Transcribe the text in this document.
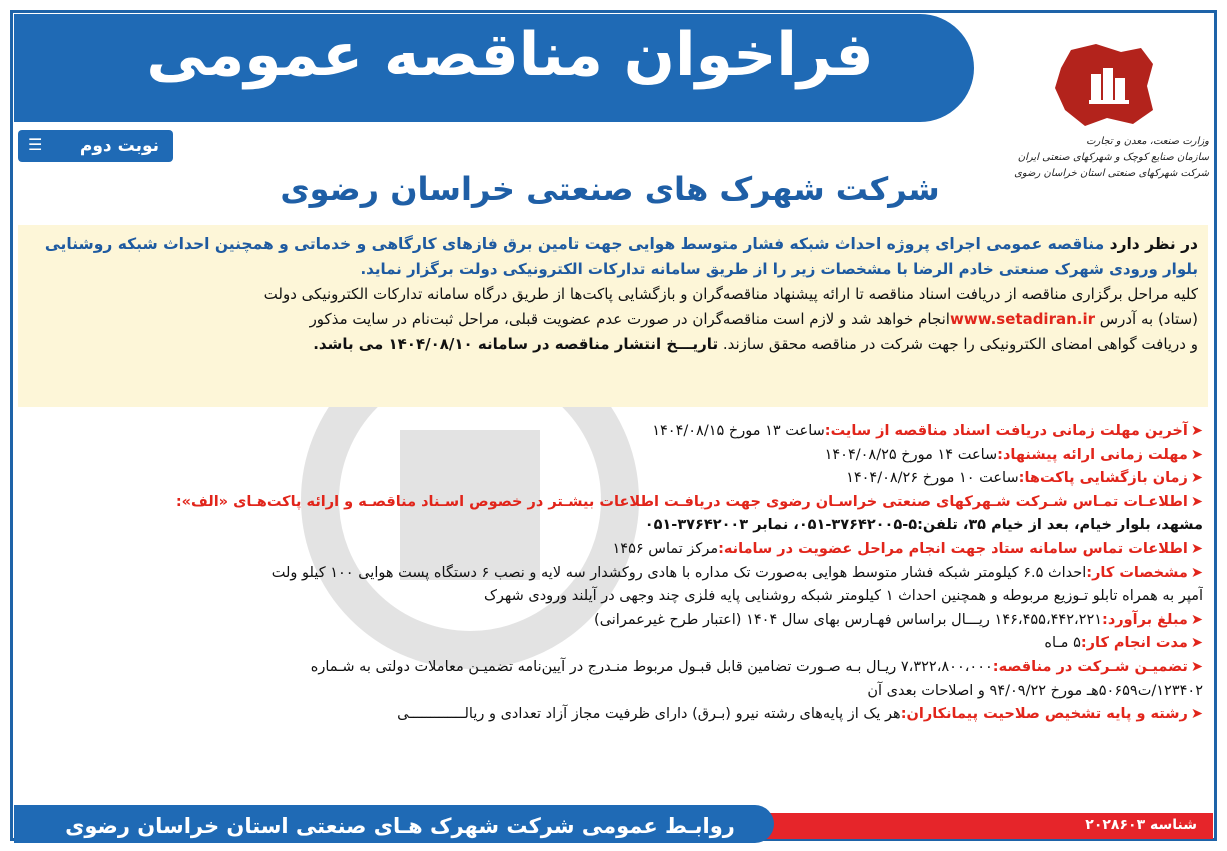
فراخوان مناقصه عمومی
وزارت صنعت، معدن و تجارت
سازمان صنایع کوچک و شهرکهای صنعتی ایران
شرکت شهرکهای صنعتی استان خراسان رضوی
نوبت دوم
☰
شرکت شهرک های صنعتی خراسان رضوی

در نظر دارد مناقصه عمومی اجرای پروژه احداث شبکه فشار متوسط هوایی جهت تامین برق فازهای کارگاهی و خدماتی و همچنین احداث شبکه روشنایی

بلوار ورودی شهرک صنعتی خادم الرضا با مشخصات زیر را از طریق سامانه تدارکات الکترونیکی دولت برگزار نماید.

کلیه مراحل برگزاری مناقصه از دریافت اسناد مناقصه تا ارائه پیشنهاد مناقصه‌گران و بازگشایی پاکت‌ها از طریق درگاه سامانه تدارکات الکترونیکی دولت

(ستاد) به آدرس www.setadiran.irانجام خواهد شد و لازم است مناقصه‌گران در صورت عدم عضویت قبلی، مراحل ثبت‌نام در سایت مذکور

و دریافت گواهی امضای الکترونیکی را جهت شرکت در مناقصه محقق سازند. تاریـــخ انتشار مناقصه در سامانه ۱۴۰۴/۰۸/۱۰ می باشد.

➤آخرین مهلت زمانی دریافت اسناد مناقصه از سایت:ساعت ۱۳ مورخ ۱۴۰۴/۰۸/۱۵

➤مهلت زمانی ارائه پیشنهاد:ساعت ۱۴ مورخ ۱۴۰۴/۰۸/۲۵

➤زمان بازگشایی پاکت‌ها:ساعت ۱۰ مورخ ۱۴۰۴/۰۸/۲۶

➤اطلاعـات تمـاس شـرکت شـهرکهای صنعتی خراسـان رضوی جهت دریافـت اطلاعات بیشـتر در خصوص اسـناد مناقصـه و ارائه پاکت‌هـای «الف»:

مشهد، بلوار خیام، بعد از خیام ۳۵، تلفن:۵-۳۷۶۴۲۰۰۵-۰۵۱، نمابر ۳۷۶۴۲۰۰۳-۰۵۱

➤اطلاعات تماس سامانه ستاد جهت انجام مراحل عضویت در سامانه:مرکز تماس ۱۴۵۶

➤مشخصات کار:احداث ۶.۵ کیلومتر شبکه فشار متوسط هوایی به‌صورت تک مداره با هادی روکشدار سه لایه و نصب ۶ دستگاه پست هوایی ۱۰۰ کیلو ولت

آمپر به همراه تابلو تـوزیع مربوطه و همچنین احداث ۱ کیلومتر شبکه روشنایی پایه فلزی چند وجهی در آیلند ورودی شهرک

➤مبلغ برآورد:۱۴۶،۴۵۵،۴۴۲،۲۲۱ ریـــال براساس فهـارس بهای سال ۱۴۰۴ (اعتبار طرح غیرعمرانی)

➤مدت انجام کار:۵ مـاه

➤تضمیـن شـرکت در مناقصه:۷،۳۲۲،۸۰۰،۰۰۰ ریـال بـه صـورت تضامین قابل قبـول مربوط منـدرج در آیین‌نامه تضمیـن معاملات دولتی به شـماره

۱۲۳۴۰۲/ت۵۰۶۵۹هـ مورخ ۹۴/۰۹/۲۲ و اصلاحات بعدی آن

➤رشته و پایه تشخیص صلاحیت پیمانکاران:هر یک از پایه‌های رشته نیرو (بـرق) دارای ظرفیت مجاز آزاد تعدادی و ریالـــــــــــــی

روابـط عمومی شرکت شهرک هـای صنعتی استان خراسان رضوی	شناسه ۲۰۲۸۶۰۳
